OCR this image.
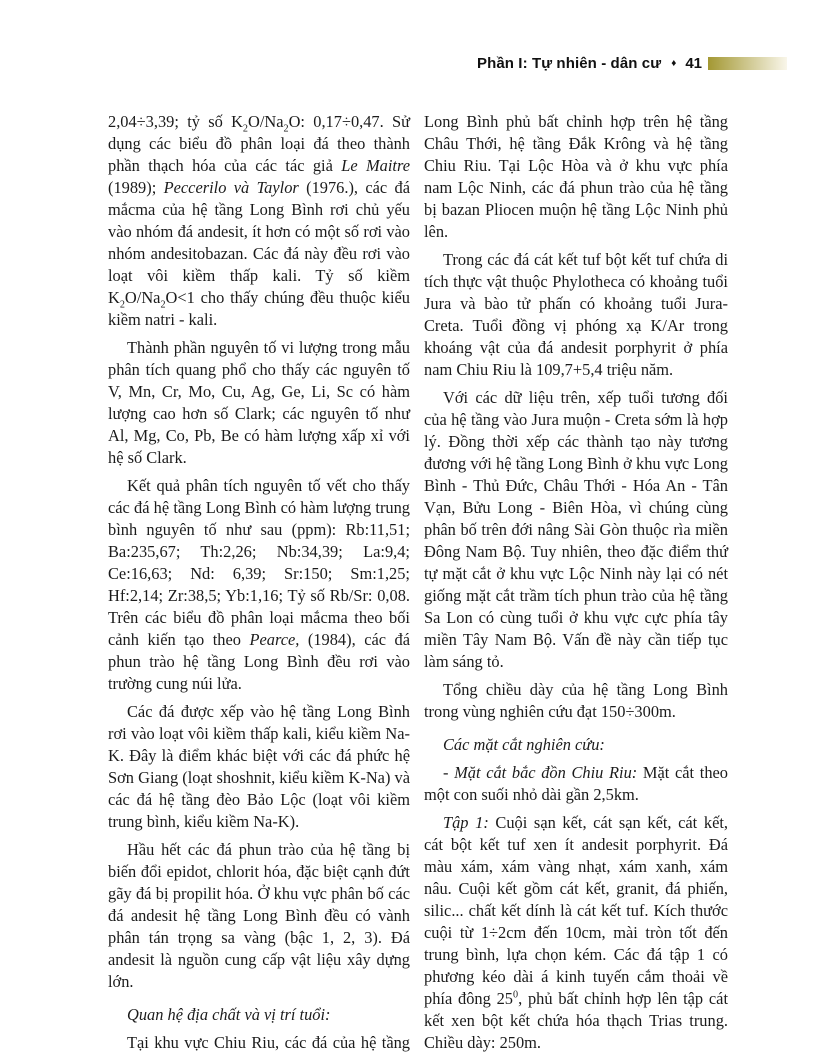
Phần I: Tự nhiên - dân cư ♦ 41

2,04÷3,39; tỷ số $K_2O/Na_2O$: 0,17÷0,47. Sử dụng các biểu đồ phân loại đá theo thành phần thạch hóa của các tác giả Le Maitre (1989); Peccerilo và Taylor (1976.), các đá mắcma của hệ tầng Long Bình rơi chủ yếu vào nhóm đá andesit, ít hơn có một số rơi vào nhóm andesitobazan. Các đá này đều rơi vào loạt vôi kiềm thấp kali. Tỷ số kiềm $K_2O/Na_2O<1$ cho thấy chúng đều thuộc kiểu kiềm natri - kali.

Thành phần nguyên tố vi lượng trong mẫu phân tích quang phổ cho thấy các nguyên tố V, Mn, Cr, Mo, Cu, Ag, Ge, Li, Sc có hàm lượng cao hơn số Clark; các nguyên tố như Al, Mg, Co, Pb, Be có hàm lượng xấp xỉ với hệ số Clark.

Kết quả phân tích nguyên tố vết cho thấy các đá hệ tầng Long Bình có hàm lượng trung bình nguyên tố như sau (ppm): Rb:11,51; Ba:235,67; Th:2,26; Nb:34,39; La:9,4; Ce:16,63; Nd: 6,39; Sr:150; Sm:1,25; Hf:2,14; Zr:38,5; Yb:1,16; Tỷ số Rb/Sr: 0,08. Trên các biểu đồ phân loại mắcma theo bối cảnh kiến tạo theo Pearce, (1984), các đá phun trào hệ tầng Long Bình đều rơi vào trường cung núi lửa.

Các đá được xếp vào hệ tầng Long Bình rơi vào loạt vôi kiềm thấp kali, kiểu kiềm Na-K. Đây là điểm khác biệt với các đá phức hệ Sơn Giang (loạt shoshnit, kiểu kiềm K-Na) và các đá hệ tầng đèo Bảo Lộc (loạt vôi kiềm trung bình, kiểu kiềm Na-K).

Hầu hết các đá phun trào của hệ tầng bị biến đổi epidot, chlorit hóa, đặc biệt cạnh đứt gãy đá bị propilit hóa. Ở khu vực phân bố các đá andesit hệ tầng Long Bình đều có vành phân tán trọng sa vàng (bậc 1, 2, 3). Đá andesit là nguồn cung cấp vật liệu xây dựng lớn.

Quan hệ địa chất và vị trí tuổi:

Tại khu vực Chiu Riu, các đá của hệ tầng

Long Bình phủ bất chỉnh hợp trên hệ tầng Châu Thới, hệ tầng Đắk Krông và hệ tầng Chiu Riu. Tại Lộc Hòa và ở khu vực phía nam Lộc Ninh, các đá phun trào của hệ tầng bị bazan Pliocen muộn hệ tầng Lộc Ninh phủ lên.

Trong các đá cát kết tuf bột kết tuf chứa di tích thực vật thuộc Phylotheca có khoảng tuổi Jura và bào tử phấn có khoảng tuổi Jura-Creta. Tuổi đồng vị phóng xạ K/Ar trong khoáng vật của đá andesit porphyrit ở phía nam Chiu Riu là 109,7+5,4 triệu năm.

Với các dữ liệu trên, xếp tuổi tương đối của hệ tầng vào Jura muộn - Creta sớm là hợp lý. Đồng thời xếp các thành tạo này tương đương với hệ tầng Long Bình ở khu vực Long Bình - Thủ Đức, Châu Thới - Hóa An - Tân Vạn, Bửu Long - Biên Hòa, vì chúng cùng phân bố trên đới nâng Sài Gòn thuộc rìa miền Đông Nam Bộ. Tuy nhiên, theo đặc điểm thứ tự mặt cắt ở khu vực Lộc Ninh này lại có nét giống mặt cắt trầm tích phun trào của hệ tầng Sa Lon có cùng tuổi ở khu vực cực phía tây miền Tây Nam Bộ. Vấn đề này cần tiếp tục làm sáng tỏ.

Tổng chiều dày của hệ tầng Long Bình trong vùng nghiên cứu đạt 150÷300m.

Các mặt cắt nghiên cứu:

- Mặt cắt bắc đồn Chiu Riu: Mặt cắt theo một con suối nhỏ dài gần 2,5km.

Tập 1: Cuội sạn kết, cát sạn kết, cát kết, cát bột kết tuf xen ít andesit porphyrit. Đá màu xám, xám vàng nhạt, xám xanh, xám nâu. Cuội kết gồm cát kết, granit, đá phiến, silic... chất kết dính là cát kết tuf. Kích thước cuội từ 1÷2cm đến 10cm, mài tròn tốt đến trung bình, lựa chọn kém. Các đá tập 1 có phương kéo dài á kinh tuyến cắm thoải về phía đông $25^0$, phủ bất chỉnh hợp lên tập cát kết xen bột kết chứa hóa thạch Trias trung. Chiều dày: 250m.
